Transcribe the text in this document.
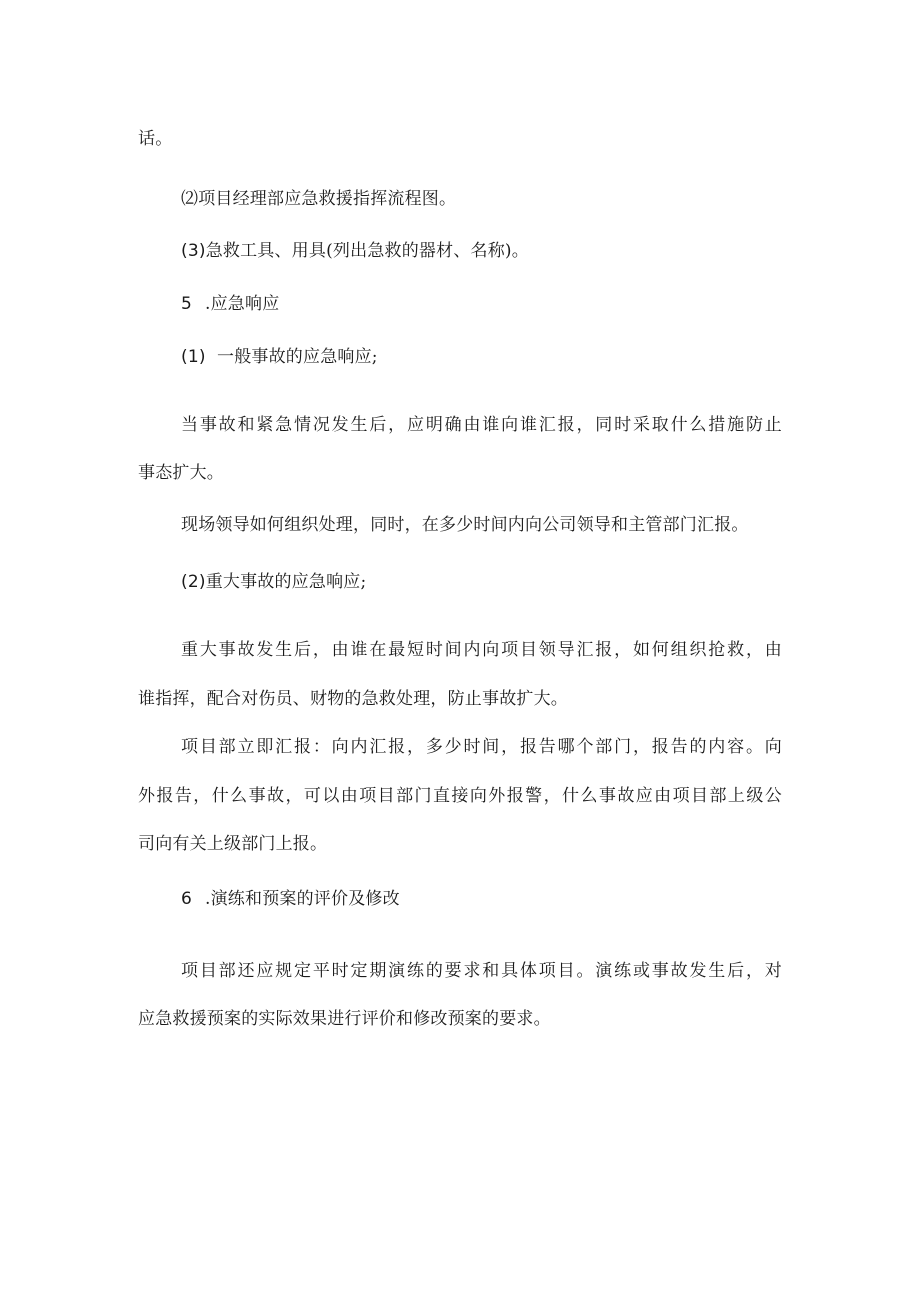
话。
⑵项目经理部应急救援指挥流程图。
(3)急救工具、用具(列出急救的器材、名称)。
5 .应急响应
(1) 一般事故的应急响应;
当事故和紧急情况发生后，应明确由谁向谁汇报，同时采取什么措施防止
事态扩大。
现场领导如何组织处理，同时，在多少时间内向公司领导和主管部门汇报。
(2)重大事故的应急响应;
重大事故发生后，由谁在最短时间内向项目领导汇报，如何组织抢救，由
谁指挥，配合对伤员、财物的急救处理，防止事故扩大。
项目部立即汇报：向内汇报，多少时间，报告哪个部门，报告的内容。向
外报告，什么事故，可以由项目部门直接向外报警，什么事故应由项目部上级公
司向有关上级部门上报。
6 .演练和预案的评价及修改
项目部还应规定平时定期演练的要求和具体项目。演练或事故发生后，对
应急救援预案的实际效果进行评价和修改预案的要求。
